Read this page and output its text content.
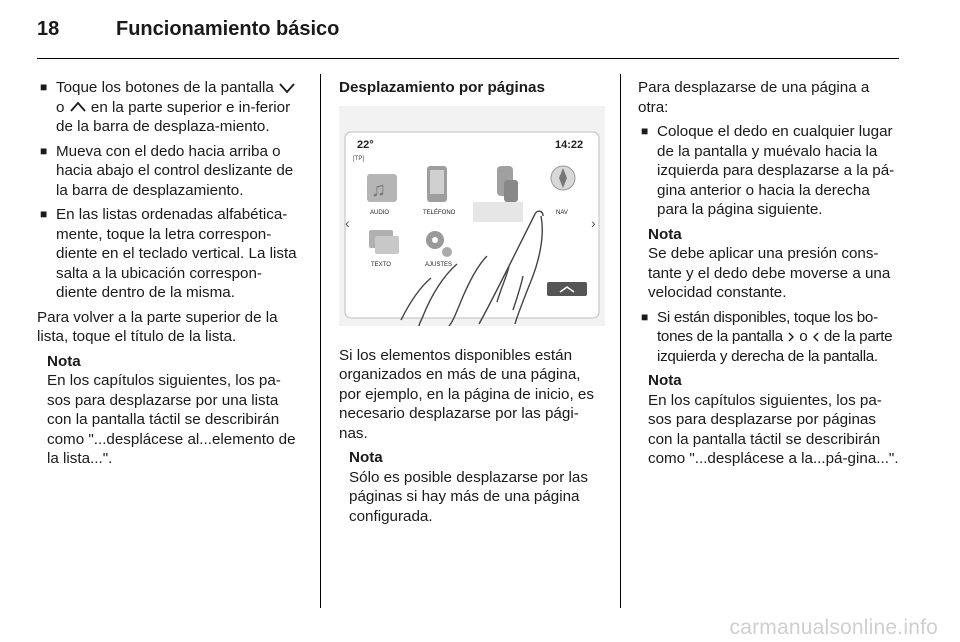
18	Funcionamiento básico
■ Toque los botones de la pantalla  o en la parte superior e in-ferior de la barra de desplaza-miento.
■ Mueva con el dedo hacia arriba o hacia abajo el control deslizante de la barra de desplazamiento.
■ En las listas ordenadas alfabética-mente, toque la letra correspon-diente en el teclado vertical. La lista salta a la ubicación correspon-diente dentro de la misma.
Para volver a la parte superior de la lista, toque el título de la lista.
Nota
En los capítulos siguientes, los pa-sos para desplazarse por una lista con la pantalla táctil se describirán como "...desplácese al...elemento de la lista...".
Desplazamiento por páginas
22°
[TP]
14:22
♫
AUDIO	TELÉFONO	NAV
‹	›
TEXTO	AJUSTES
Si los elementos disponibles están organizados en más de una página, por ejemplo, en la página de inicio, es necesario desplazarse por las pági-nas.
Nota
Sólo es posible desplazarse por las páginas si hay más de una página configurada.
Para desplazarse de una página a otra:
■ Coloque el dedo en cualquier lugar de la pantalla y muévalo hacia la izquierda para desplazarse a la pá-gina anterior o hacia la derecha para la página siguiente.
Nota
Se debe aplicar una presión cons-tante y el dedo debe moverse a una velocidad constante.
■ Si están disponibles, toque los bo-tones de la pantalla o de la parte izquierda y derecha de la pantalla.
Nota
En los capítulos siguientes, los pa-sos para desplazarse por páginas con la pantalla táctil se describirán como "...desplácese a la...pá-gina...".
carmanualsonline.info
